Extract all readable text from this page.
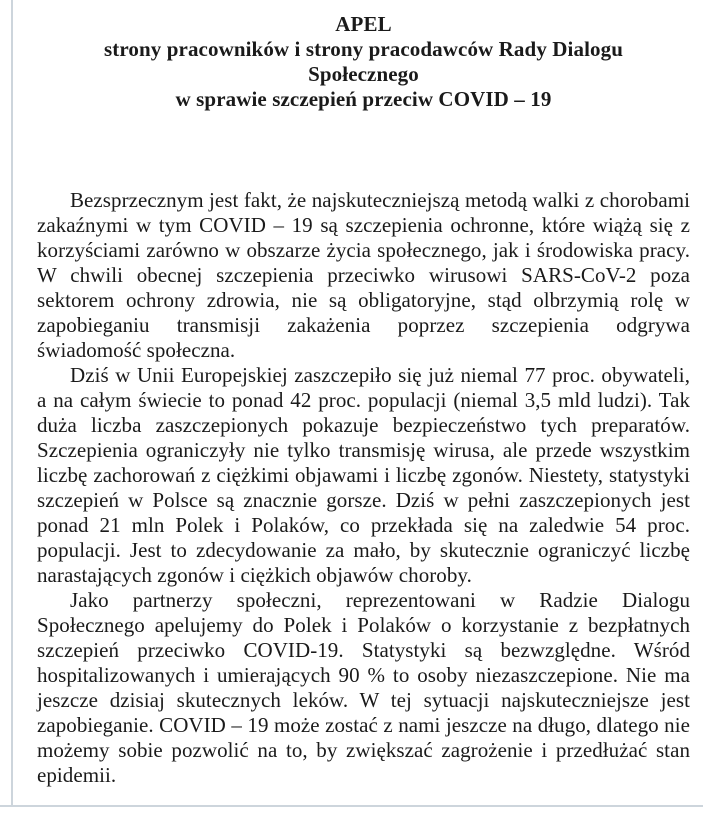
APEL
strony pracowników i strony pracodawców Rady Dialogu
Społecznego
w sprawie szczepień przeciw COVID – 19

Bezsprzecznym jest fakt, że najskuteczniejszą metodą walki z chorobami zakaźnymi w tym COVID – 19 są szczepienia ochronne, które wiążą się z korzyściami zarówno w obszarze życia społecznego, jak i środowiska pracy. W chwili obecnej szczepienia przeciwko wirusowi SARS-CoV-2 poza sektorem ochrony zdrowia, nie są obligatoryjne, stąd olbrzymią rolę w zapobieganiu transmisji zakażenia poprzez szczepienia odgrywa świadomość społeczna.

Dziś w Unii Europejskiej zaszczepiło się już niemal 77 proc. obywateli, a na całym świecie to ponad 42 proc. populacji (niemal 3,5 mld ludzi). Tak duża liczba zaszczepionych pokazuje bezpieczeństwo tych preparatów. Szczepienia ograniczyły nie tylko transmisję wirusa, ale przede wszystkim liczbę zachorowań z ciężkimi objawami i liczbę zgonów. Niestety, statystyki szczepień w Polsce są znacznie gorsze. Dziś w pełni zaszczepionych jest ponad 21 mln Polek i Polaków, co przekłada się na zaledwie 54 proc. populacji. Jest to zdecydowanie za mało, by skutecznie ograniczyć liczbę narastających zgonów i ciężkich objawów choroby.

Jako partnerzy społeczni, reprezentowani w Radzie Dialogu Społecznego apelujemy do Polek i Polaków o korzystanie z bezpłatnych szczepień przeciwko COVID-19. Statystyki są bezwzględne. Wśród hospitalizowanych i umierających 90 % to osoby niezaszczepione. Nie ma jeszcze dzisiaj skutecznych leków. W tej sytuacji najskuteczniejsze jest zapobieganie. COVID – 19 może zostać z nami jeszcze na długo, dlatego nie możemy sobie pozwolić na to, by zwiększać zagrożenie i przedłużać stan epidemii.
